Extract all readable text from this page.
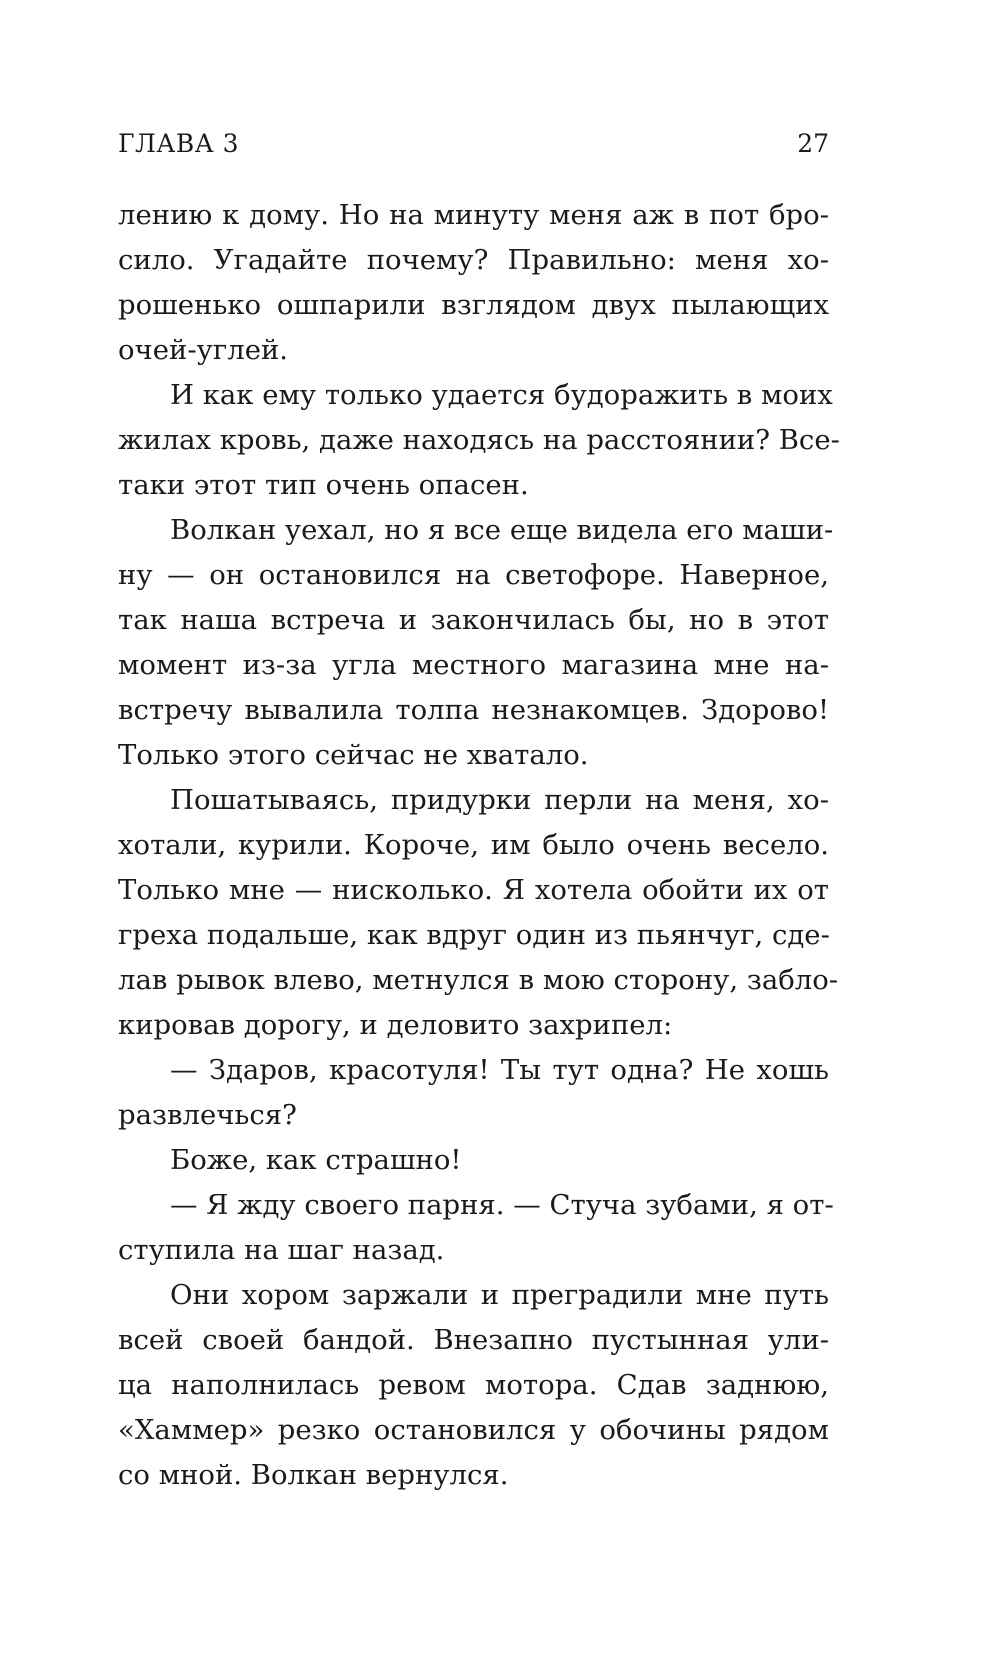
ГЛАВА 3	27
лению к дому. Но на минуту меня аж в пот бро-
сило. Угадайте почему? Правильно: меня хо-
рошенько ошпарили взглядом двух пылающих
очей-углей.
И как ему только удается будоражить в моих
жилах кровь, даже находясь на расстоянии? Все-
таки этот тип очень опасен.
Волкан уехал, но я все еще видела его маши-
ну — он остановился на светофоре. Наверное,
так наша встреча и закончилась бы, но в этот
момент из-за угла местного магазина мне на-
встречу вывалила толпа незнакомцев. Здорово!
Только этого сейчас не хватало.
Пошатываясь, придурки перли на меня, хо-
хотали, курили. Короче, им было очень весело.
Только мне — нисколько. Я хотела обойти их от
греха подальше, как вдруг один из пьянчуг, сде-
лав рывок влево, метнулся в мою сторону, забло-
кировав дорогу, и деловито захрипел:
— Здаров, красотуля! Ты тут одна? Не хошь
развлечься?
Боже, как страшно!
— Я жду своего парня. — Стуча зубами, я от-
ступила на шаг назад.
Они хором заржали и преградили мне путь
всей своей бандой. Внезапно пустынная ули-
ца наполнилась ревом мотора. Сдав заднюю,
«Хаммер» резко остановился у обочины рядом
со мной. Волкан вернулся.
